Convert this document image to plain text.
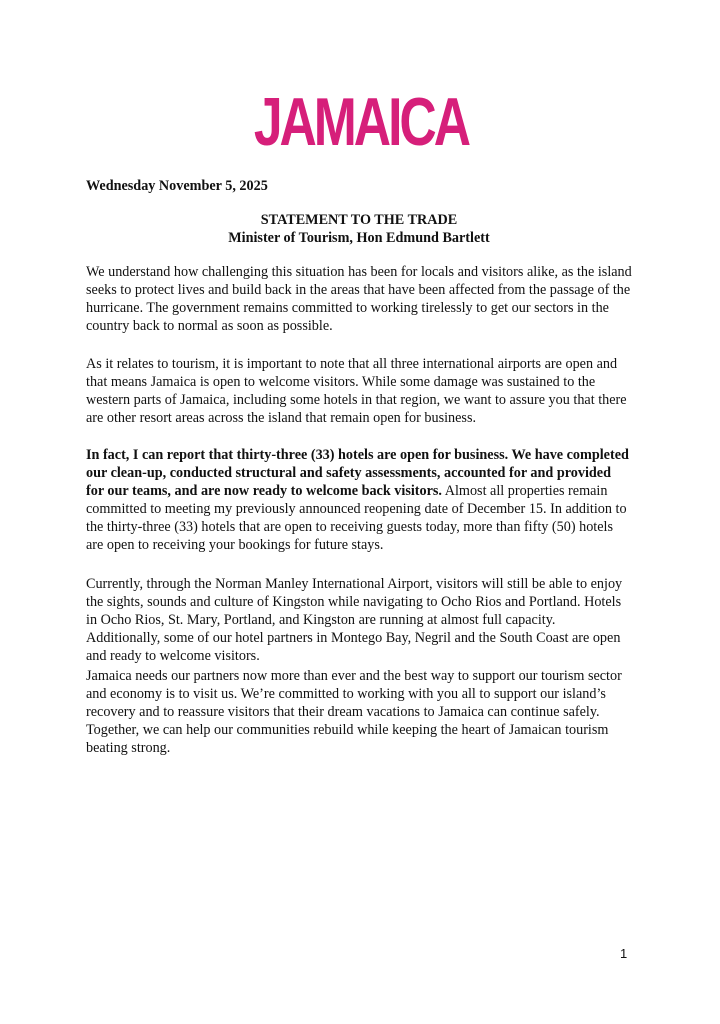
JAMAICA

Wednesday November 5, 2025

STATEMENT TO THE TRADE

Minister of Tourism, Hon Edmund Bartlett

We understand how challenging this situation has been for locals and visitors alike, as the island seeks to protect lives and build back in the areas that have been affected from the passage of the hurricane. The government remains committed to working tirelessly to get our sectors in the country back to normal as soon as possible.

As it relates to tourism, it is important to note that all three international airports are open and that means Jamaica is open to welcome visitors. While some damage was sustained to the western parts of Jamaica, including some hotels in that region, we want to assure you that there are other resort areas across the island that remain open for business.

In fact, I can report that thirty-three (33) hotels are open for business. We have completed our clean-up, conducted structural and safety assessments, accounted for and provided for our teams, and are now ready to welcome back visitors. Almost all properties remain committed to meeting my previously announced reopening date of December 15. In addition to the thirty-three (33) hotels that are open to receiving guests today, more than fifty (50) hotels are open to receiving your bookings for future stays.

Currently, through the Norman Manley International Airport, visitors will still be able to enjoy the sights, sounds and culture of Kingston while navigating to Ocho Rios and Portland. Hotels in Ocho Rios, St. Mary, Portland, and Kingston are running at almost full capacity. Additionally, some of our hotel partners in Montego Bay, Negril and the South Coast are open and ready to welcome visitors.

Jamaica needs our partners now more than ever and the best way to support our tourism sector and economy is to visit us. We’re committed to working with you all to support our island’s recovery and to reassure visitors that their dream vacations to Jamaica can continue safely. Together, we can help our communities rebuild while keeping the heart of Jamaican tourism beating strong.

1
